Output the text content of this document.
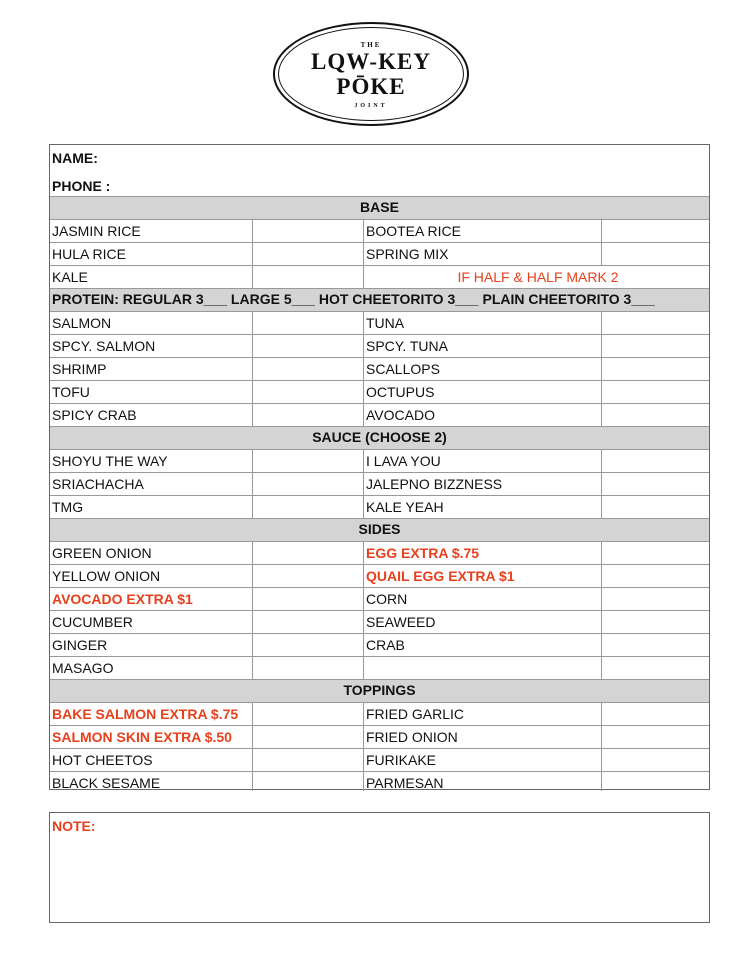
THE
LQW-KEY
PŌKE
JOINT
NAME:
PHONE :
BASE
JASMIN RICE	BOOTEA RICE
HULA RICE	SPRING MIX
KALE	IF HALF & HALF MARK 2
PROTEIN: REGULAR 3___ LARGE 5___ HOT CHEETORITO 3___ PLAIN CHEETORITO 3___
SALMON	TUNA
SPCY. SALMON	SPCY. TUNA
SHRIMP	SCALLOPS
TOFU	OCTUPUS
SPICY CRAB	AVOCADO
SAUCE (CHOOSE 2)
SHOYU THE WAY	I LAVA YOU
SRIACHACHA	JALEPNO BIZZNESS
TMG	KALE YEAH
SIDES
GREEN ONION	EGG EXTRA $.75
YELLOW ONION	QUAIL EGG EXTRA $1
AVOCADO EXTRA $1	CORN
CUCUMBER	SEAWEED
GINGER	CRAB
MASAGO
TOPPINGS
BAKE SALMON EXTRA $.75	FRIED GARLIC
SALMON SKIN EXTRA $.50	FRIED ONION
HOT CHEETOS	FURIKAKE
BLACK SESAME	PARMESAN
NOTE:
